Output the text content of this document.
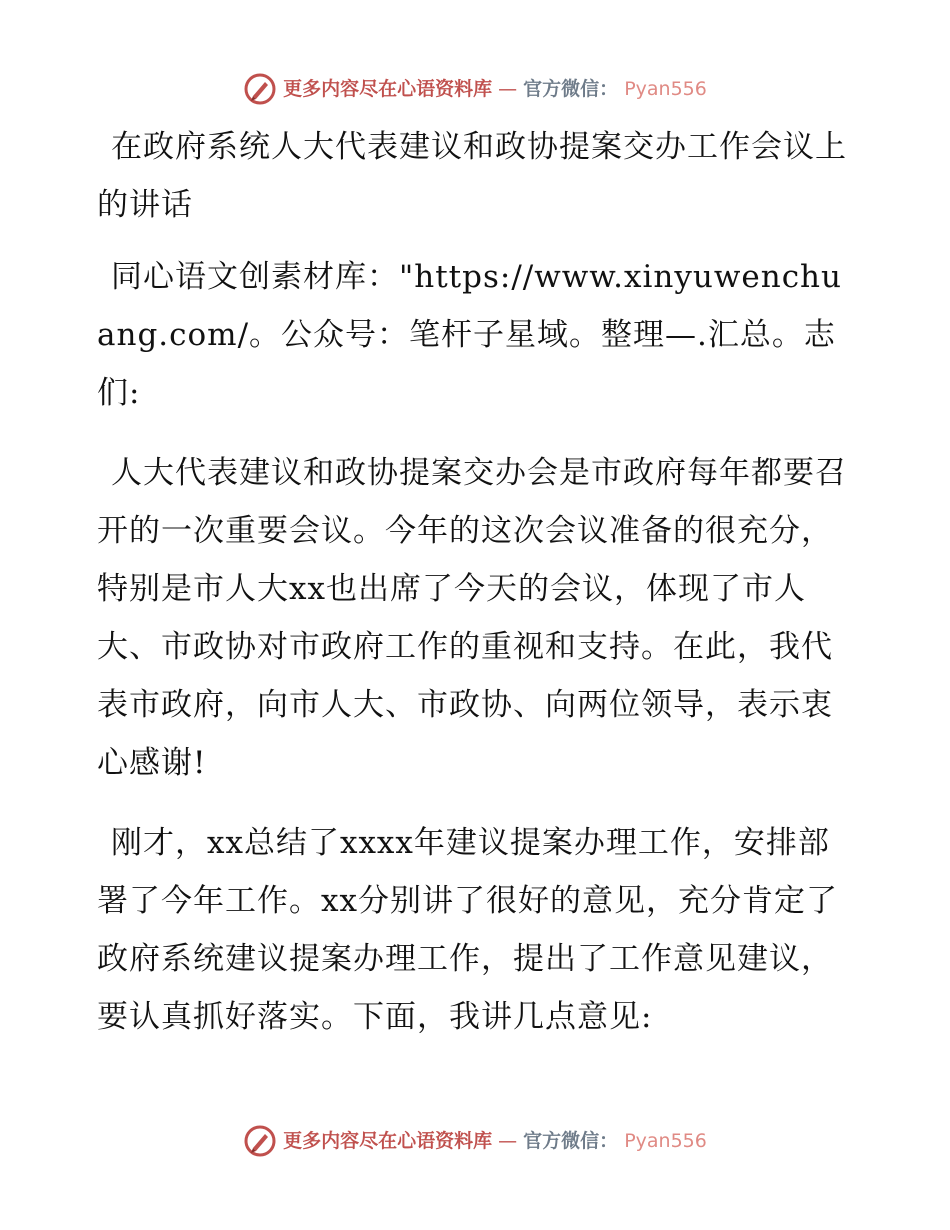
更多内容尽在心语资料库 — 官方微信： Pyan556

在政府系统人大代表建议和政协提案交办工作会议上的讲话

同心语文创素材库："https://www.xinyuwenchuang.com/。公众号：笔杆子星域。整理—.汇总。志们:

人大代表建议和政协提案交办会是市政府每年都要召开的一次重要会议。今年的这次会议准备的很充分，特别是市人大xx也出席了今天的会议，体现了市人大、市政协对市政府工作的重视和支持。在此，我代表市政府，向市人大、市政协、向两位领导，表示衷心感谢!

刚才，xx总结了xxxx年建议提案办理工作，安排部署了今年工作。xx分别讲了很好的意见，充分肯定了政府系统建议提案办理工作，提出了工作意见建议，要认真抓好落实。下面，我讲几点意见:

更多内容尽在心语资料库 — 官方微信： Pyan556
